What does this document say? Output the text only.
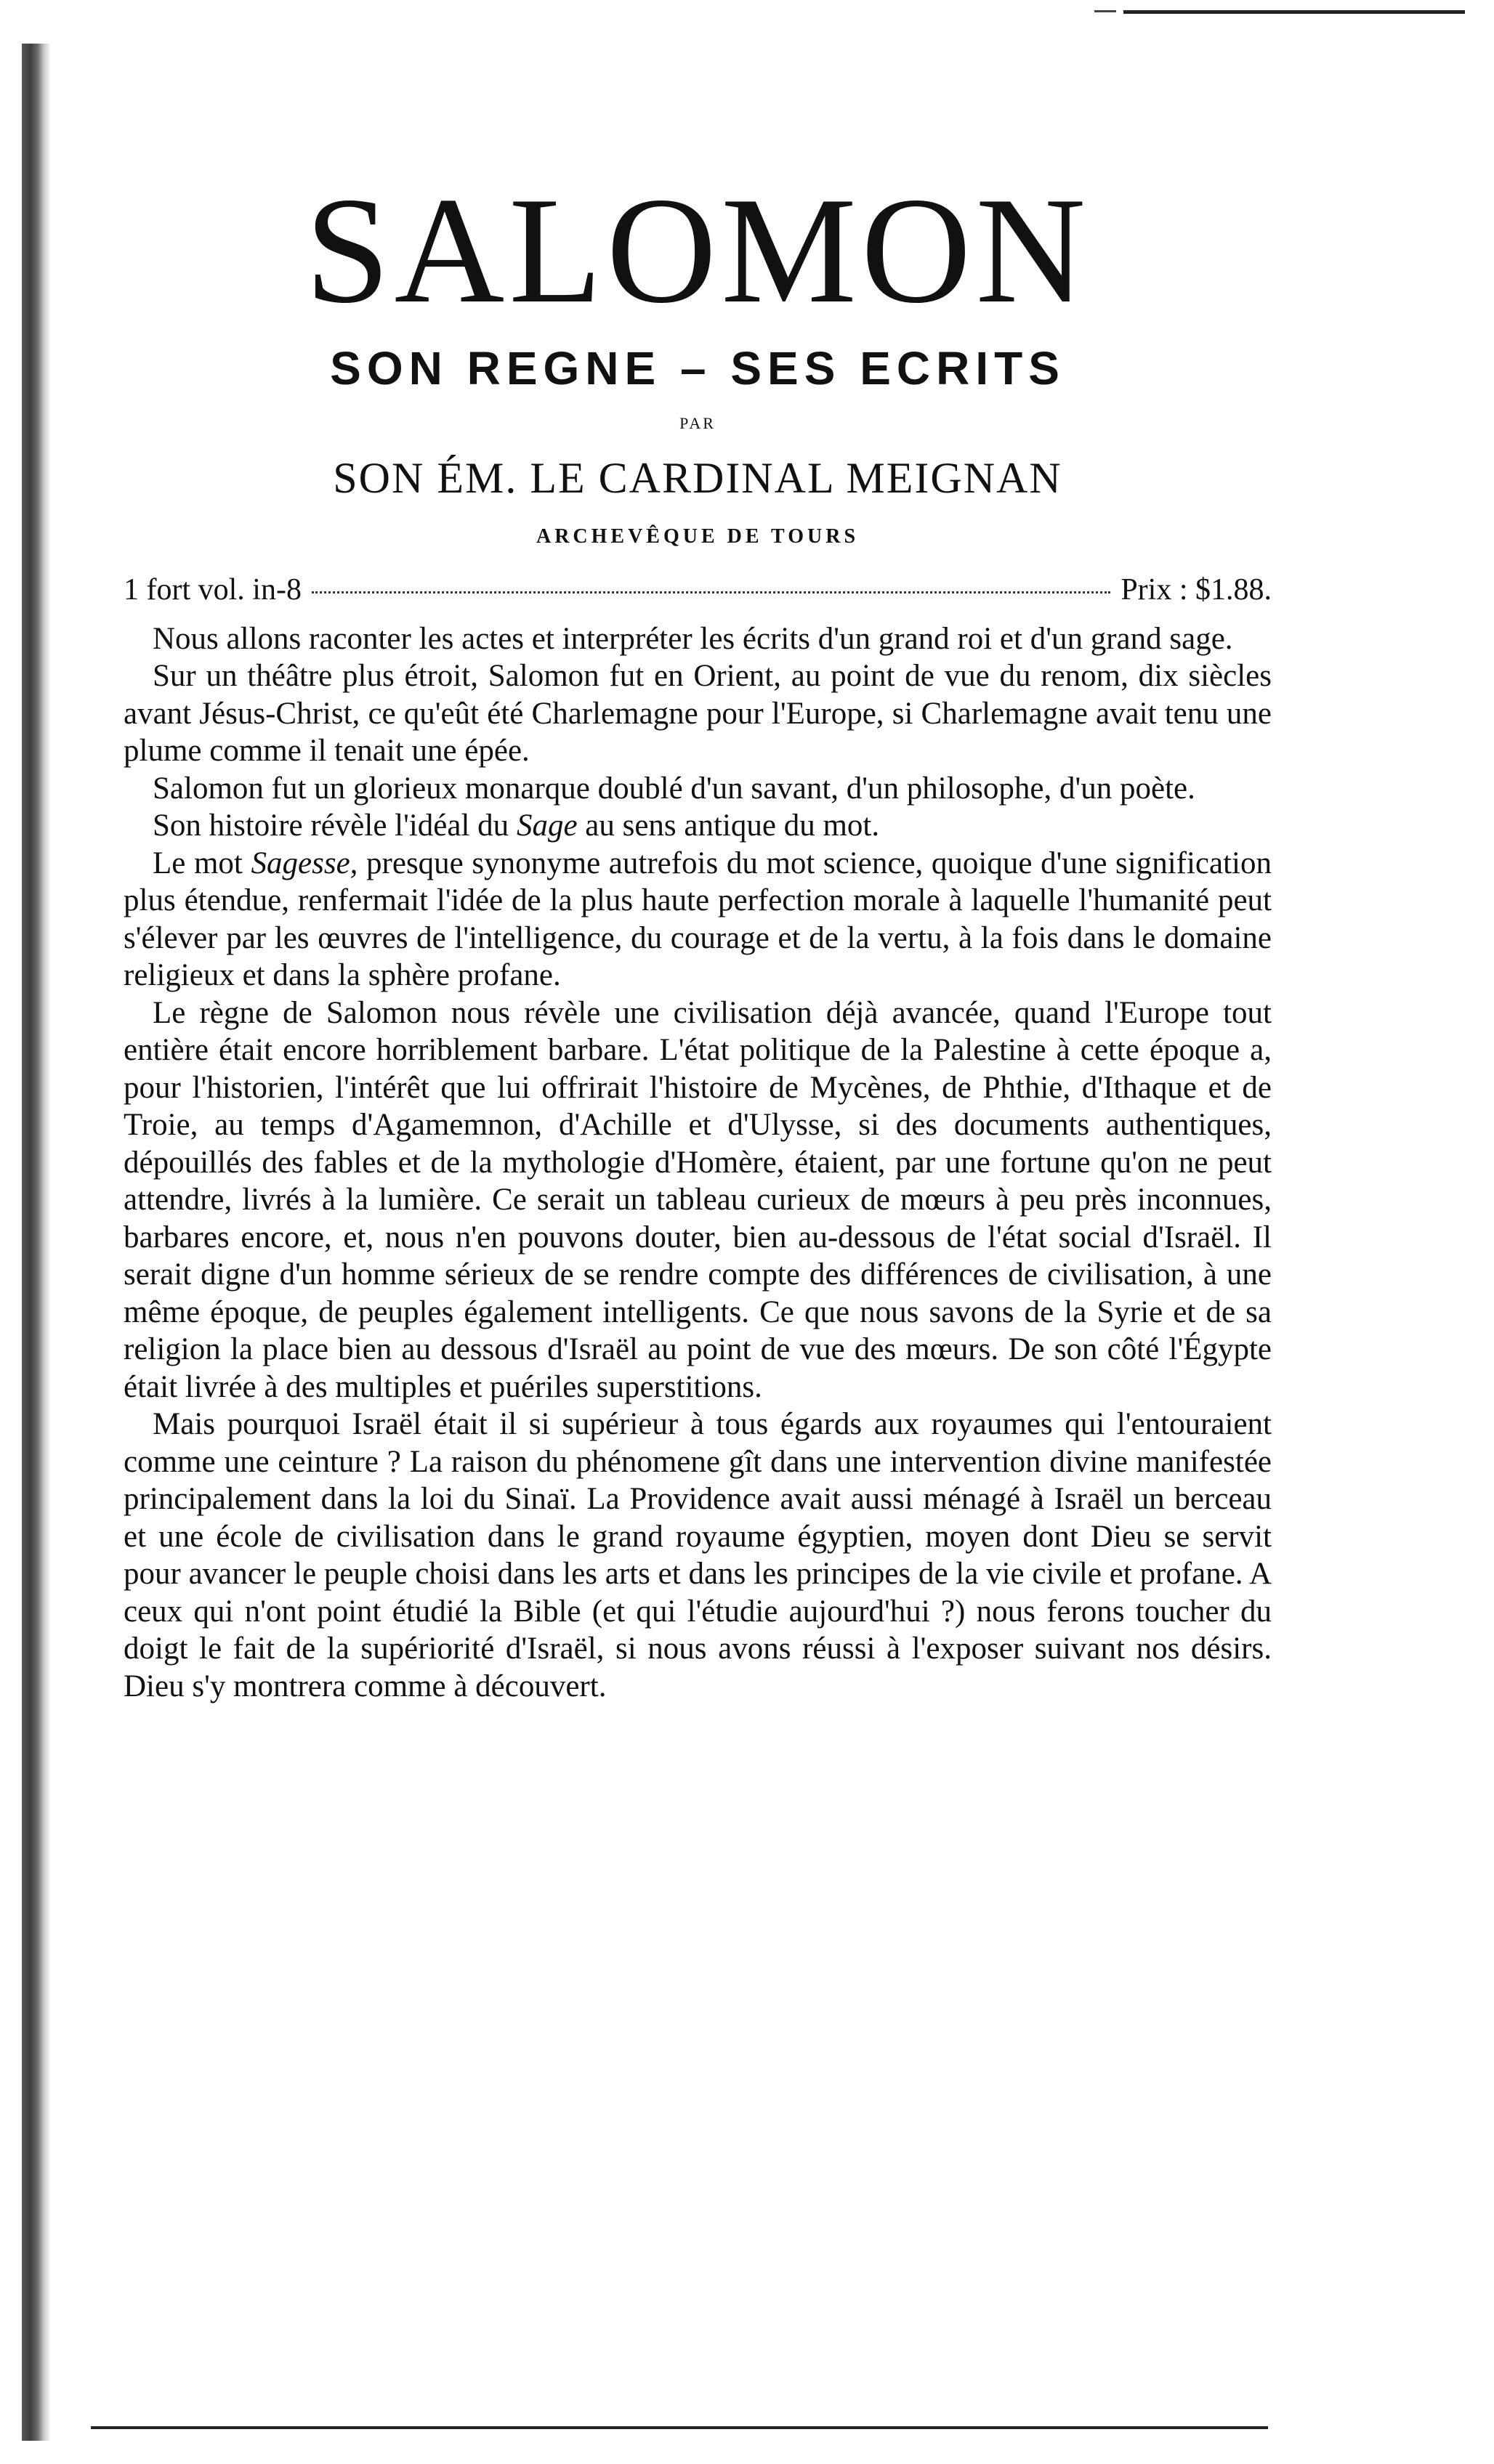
SALOMON
SON REGNE – SES ECRITS
PAR
SON ÉM. LE CARDINAL MEIGNAN
ARCHEVÊQUE DE TOURS
1 fort vol. in-8	Prix : $1.88.

Nous allons raconter les actes et interpréter les écrits d'un grand roi et d'un grand sage.

Sur un théâtre plus étroit, Salomon fut en Orient, au point de vue du renom, dix siècles avant Jésus-Christ, ce qu'eût été Charlemagne pour l'Europe, si Charlemagne avait tenu une plume comme il tenait une épée.

Salomon fut un glorieux monarque doublé d'un savant, d'un philosophe, d'un poète.

Son histoire révèle l'idéal du Sage au sens antique du mot.

Le mot Sagesse, presque synonyme autrefois du mot science, quoique d'une signification plus étendue, renfermait l'idée de la plus haute perfection morale à laquelle l'humanité peut s'élever par les œuvres de l'intelligence, du courage et de la vertu, à la fois dans le domaine religieux et dans la sphère profane.

Le règne de Salomon nous révèle une civilisation déjà avancée, quand l'Europe tout entière était encore horriblement barbare. L'état politique de la Palestine à cette époque a, pour l'historien, l'intérêt que lui offrirait l'histoire de Mycènes, de Phthie, d'Ithaque et de Troie, au temps d'Agamemnon, d'Achille et d'Ulysse, si des documents authentiques, dépouillés des fables et de la mythologie d'Homère, étaient, par une fortune qu'on ne peut attendre, livrés à la lumière. Ce serait un tableau curieux de mœurs à peu près inconnues, barbares encore, et, nous n'en pouvons douter, bien au-dessous de l'état social d'Israël. Il serait digne d'un homme sérieux de se rendre compte des différences de civilisation, à une même époque, de peuples également intelligents. Ce que nous savons de la Syrie et de sa religion la place bien au dessous d'Israël au point de vue des mœurs. De son côté l'Égypte était livrée à des multiples et puériles superstitions.

Mais pourquoi Israël était il si supérieur à tous égards aux royaumes qui l'entouraient comme une ceinture ? La raison du phénomene gît dans une intervention divine manifestée principalement dans la loi du Sinaï. La Providence avait aussi ménagé à Israël un berceau et une école de civilisation dans le grand royaume égyptien, moyen dont Dieu se servit pour avancer le peuple choisi dans les arts et dans les principes de la vie civile et profane. A ceux qui n'ont point étudié la Bible (et qui l'étudie aujourd'hui ?) nous ferons toucher du doigt le fait de la supériorité d'Israël, si nous avons réussi à l'exposer suivant nos désirs. Dieu s'y montrera comme à découvert.
